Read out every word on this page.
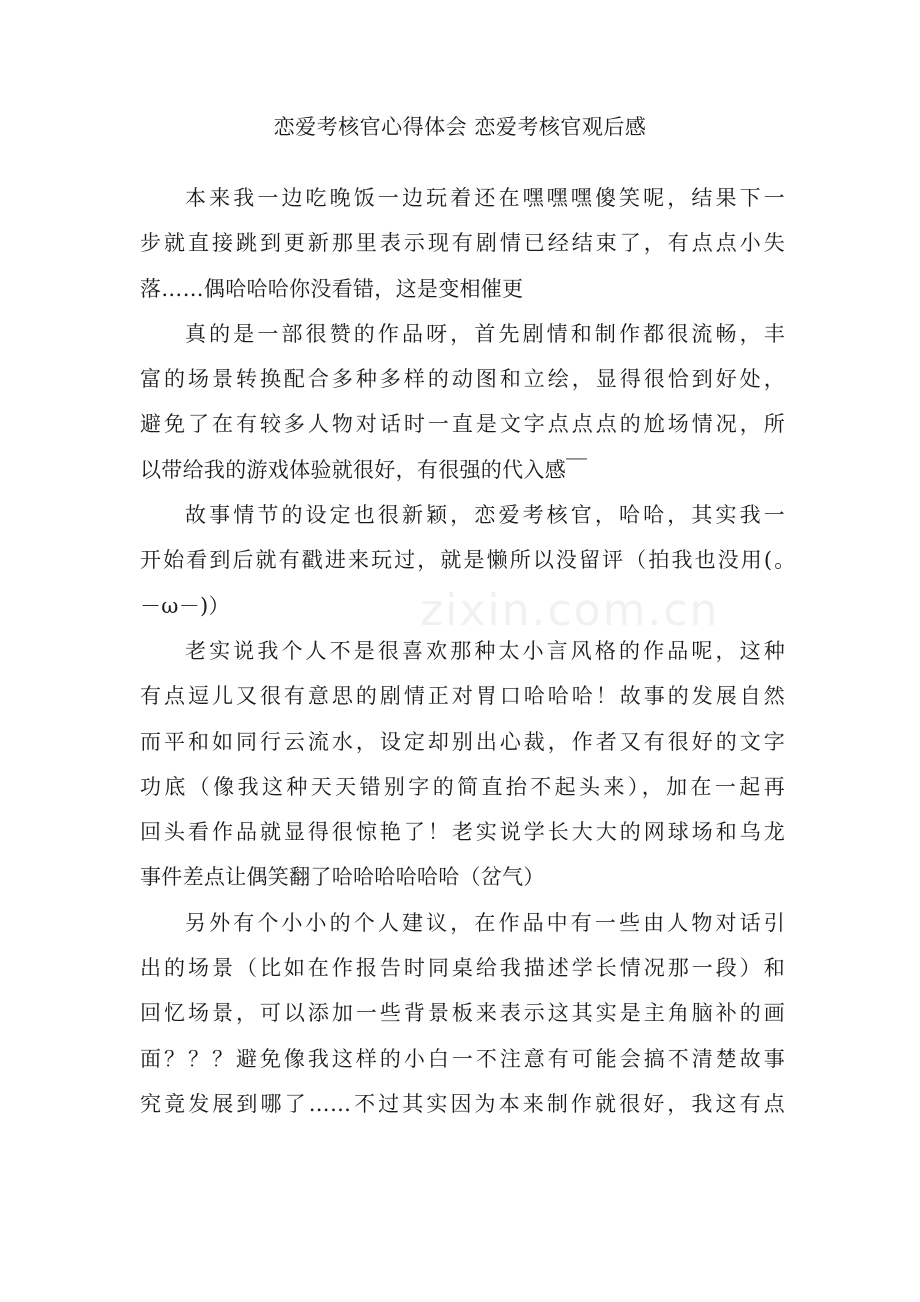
zixin.com.cn
恋爱考核官心得体会 恋爱考核官观后感
本来我一边吃晚饭一边玩着还在嘿嘿嘿傻笑呢，结果下一
步就直接跳到更新那里表示现有剧情已经结束了，有点点小失
落……偶哈哈哈你没看错，这是变相催更
真的是一部很赞的作品呀，首先剧情和制作都很流畅，丰
富的场景转换配合多种多样的动图和立绘，显得很恰到好处，
避免了在有较多人物对话时一直是文字点点点的尬场情况，所
以带给我的游戏体验就很好，有很强的代入感￣
故事情节的设定也很新颖，恋爱考核官，哈哈，其实我一
开始看到后就有戳进来玩过，就是懒所以没留评（拍我也没用(｡
－ω－)）
老实说我个人不是很喜欢那种太小言风格的作品呢，这种
有点逗儿又很有意思的剧情正对胃口哈哈哈！故事的发展自然
而平和如同行云流水，设定却别出心裁，作者又有很好的文字
功底（像我这种天天错别字的简直抬不起头来），加在一起再
回头看作品就显得很惊艳了！老实说学长大大的网球场和乌龙
事件差点让偶笑翻了哈哈哈哈哈哈（岔气）
另外有个小小的个人建议，在作品中有一些由人物对话引
出的场景（比如在作报告时同桌给我描述学长情况那一段）和
回忆场景，可以添加一些背景板来表示这其实是主角脑补的画
面？？？避免像我这样的小白一不注意有可能会搞不清楚故事
究竟发展到哪了……不过其实因为本来制作就很好，我这有点
